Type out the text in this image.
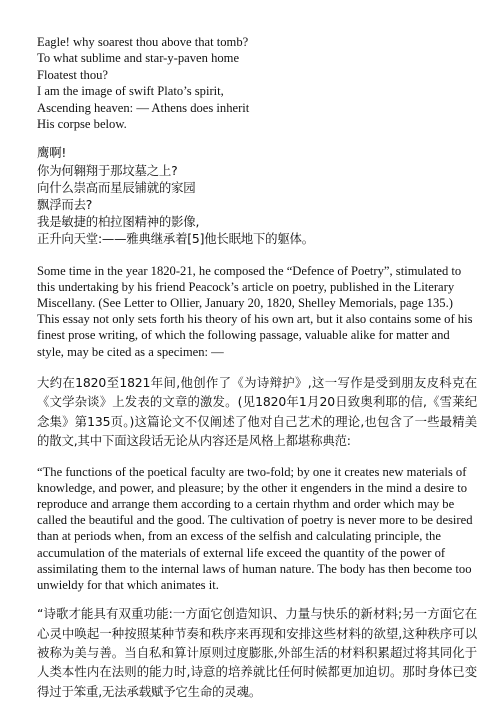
Eagle! why soarest thou above that tomb?
To what sublime and star-y-paven home
Floatest thou?
I am the image of swift Plato’s spirit,
Ascending heaven: — Athens does inherit
His corpse below.
鹰啊!
你为何翱翔于那坟墓之上?
向什么崇高而星辰铺就的家园
飘浮而去?
我是敏捷的柏拉图精神的影像,
正升向天堂:——雅典继承着[5]他长眠地下的躯体。

Some time in the year 1820-21, he composed the “Defence of Poetry”, stimulated to this undertaking by his friend Peacock’s article on poetry, published in the Literary Miscellany. (See Letter to Ollier, January 20, 1820, Shelley Memorials, page 135.) This essay not only sets forth his theory of his own art, but it also contains some of his finest prose writing, of which the following passage, valuable alike for matter and style, may be cited as a specimen: —

大约在1820至1821年间,他创作了《为诗辩护》,这一写作是受到朋友皮科克在《文学杂谈》上发表的文章的激发。(见1820年1月20日致奥利耶的信,《雪莱纪念集》第135页。)这篇论文不仅阐述了他对自己艺术的理论,也包含了一些最精美的散文,其中下面这段话无论从内容还是风格上都堪称典范:

“The functions of the poetical faculty are two-fold; by one it creates new materials of knowledge, and power, and pleasure; by the other it engenders in the mind a desire to reproduce and arrange them according to a certain rhythm and order which may be called the beautiful and the good. The cultivation of poetry is never more to be desired than at periods when, from an excess of the selfish and calculating principle, the accumulation of the materials of external life exceed the quantity of the power of assimilating them to the internal laws of human nature. The body has then become too unwieldy for that which animates it.

“诗歌才能具有双重功能:一方面它创造知识、力量与快乐的新材料;另一方面它在心灵中唤起一种按照某种节奏和秩序来再现和安排这些材料的欲望,这种秩序可以被称为美与善。当自私和算计原则过度膨胀,外部生活的材料积累超过将其同化于人类本性内在法则的能力时,诗意的培养就比任何时候都更加迫切。那时身体已变得过于笨重,无法承载赋予它生命的灵魂。
